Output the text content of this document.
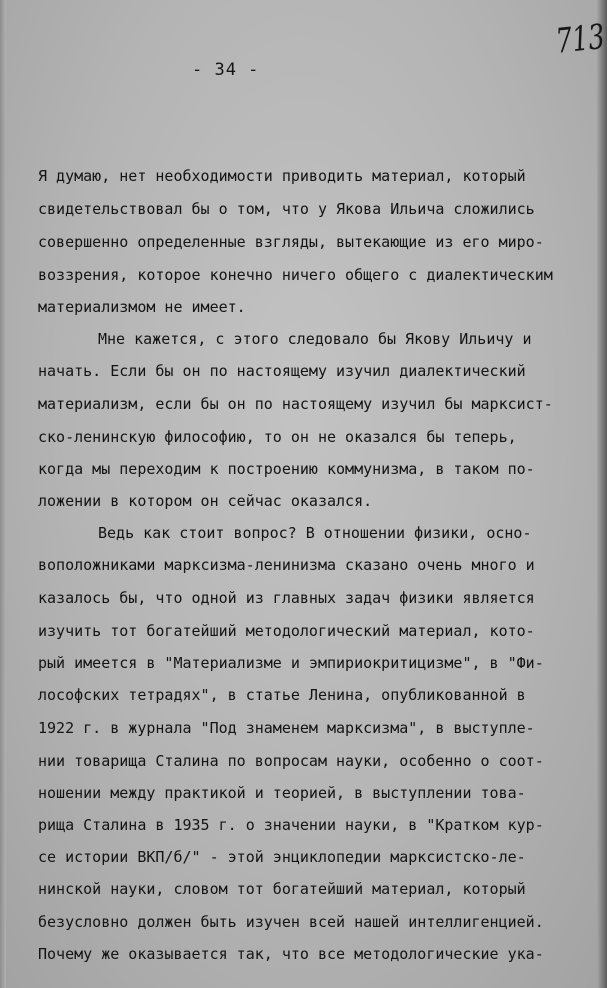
- 34 -
713
Я думаю, нет необходимости приводить материал, который
свидетельствовал бы о том, что у Якова Ильича сложились
совершенно определенные взгляды, вытекающие из его миро-
воззрения, которое конечно ничего общего с диалектическим
материализмом не имеет.
Мне кажется, с этого следовало бы Якову Ильичу и
начать. Если бы он по настоящему изучил диалектический
материализм, если бы он по настоящему изучил бы марксист-
ско-ленинскую философию, то он не оказался бы теперь,
когда мы переходим к построению коммунизма, в таком по-
ложении в котором он сейчас оказался.
Ведь как стоит вопрос? В отношении физики, осно-
воположниками марксизма-ленинизма сказано очень много и
казалось бы, что одной из главных задач физики является
изучить тот богатейший методологический материал, кото-
рый имеется в "Материализме и эмпириокритицизме", в "Фи-
лософских тетрадях", в статье Ленина, опубликованной в
1922 г. в журнала "Под знаменем марксизма", в выступле-
нии товарища Сталина по вопросам науки, особенно о соот-
ношении между практикой и теорией, в выступлении това-
рища Сталина в 1935 г. о значении науки, в "Кратком кур-
се истории ВКП/б/" - этой энциклопедии марксистско-ле-
нинской науки, словом тот богатейший материал, который
безусловно должен быть изучен всей нашей интеллигенцией.
Почему же оказывается так, что все методологические ука-
